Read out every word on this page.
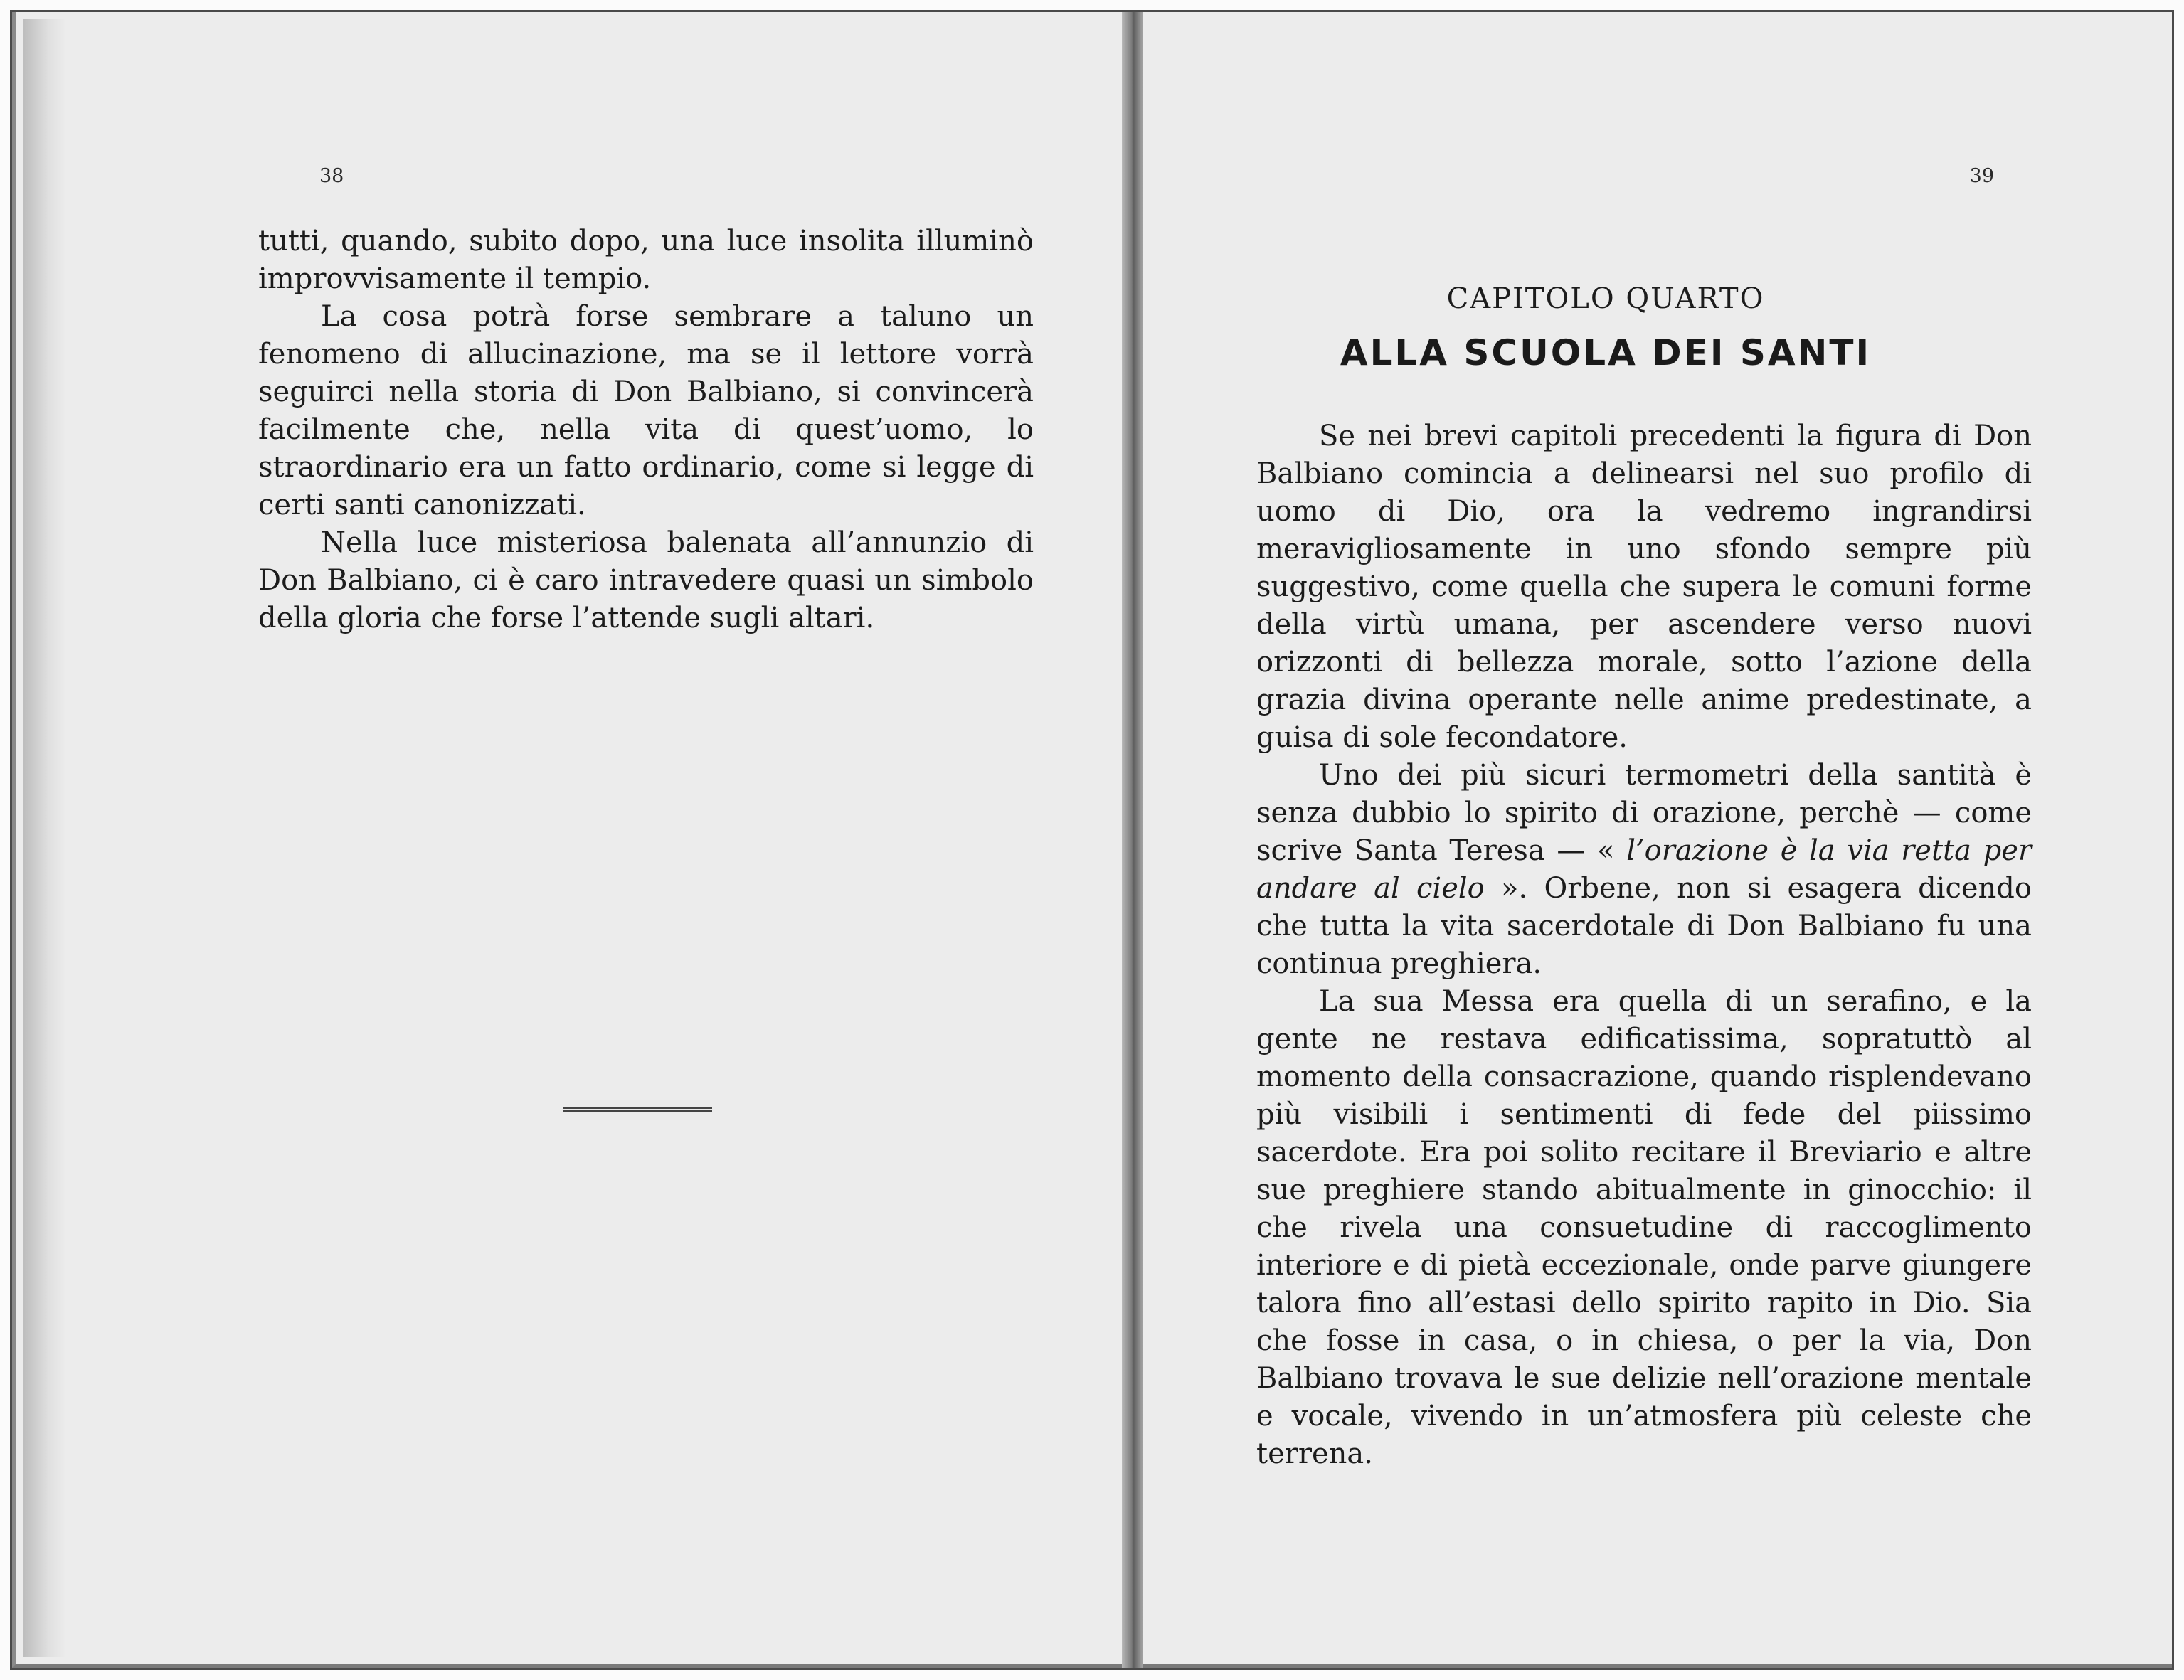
38	39

tutti, quando, subito dopo, una luce insolita illuminò improvvisamente il tempio.

La cosa potrà forse sembrare a taluno un fenomeno di allucinazione, ma se il lettore vorrà seguirci nella storia di Don Balbiano, si convincerà facilmente che, nella vita di quest’uomo, lo straordinario era un fatto ordinario, come si legge di certi santi canonizzati.

Nella luce misteriosa balenata all’annunzio di Don Balbiano, ci è caro intravedere quasi un simbolo della gloria che forse l’attende sugli altari.

CAPITOLO QUARTO
ALLA SCUOLA DEI SANTI

Se nei brevi capitoli precedenti la figura di Don Balbiano comincia a delinearsi nel suo profilo di uomo di Dio, ora la vedremo ingrandirsi meravigliosamente in uno sfondo sempre più suggestivo, come quella che supera le comuni forme della virtù umana, per ascendere verso nuovi orizzonti di bellezza morale, sotto l’azione della grazia divina operante nelle anime predestinate, a guisa di sole fecondatore.

Uno dei più sicuri termometri della santità è senza dubbio lo spirito di orazione, perchè — come scrive Santa Teresa — « l’orazione è la via retta per andare al cielo ». Orbene, non si esagera dicendo che tutta la vita sacerdotale di Don Balbiano fu una continua preghiera.

La sua Messa era quella di un serafino, e la gente ne restava edificatissima, sopratuttò al momento della consacrazione, quando risplendevano più visibili i sentimenti di fede del piissimo sacerdote. Era poi solito recitare il Breviario e altre sue preghiere stando abitualmente in ginocchio: il che rivela una consuetudine di raccoglimento interiore e di pietà eccezionale, onde parve giungere talora fino all’estasi dello spirito rapito in Dio. Sia che fosse in casa, o in chiesa, o per la via, Don Balbiano trovava le sue delizie nell’orazione mentale e vocale, vivendo in un’atmosfera più celeste che terrena.
